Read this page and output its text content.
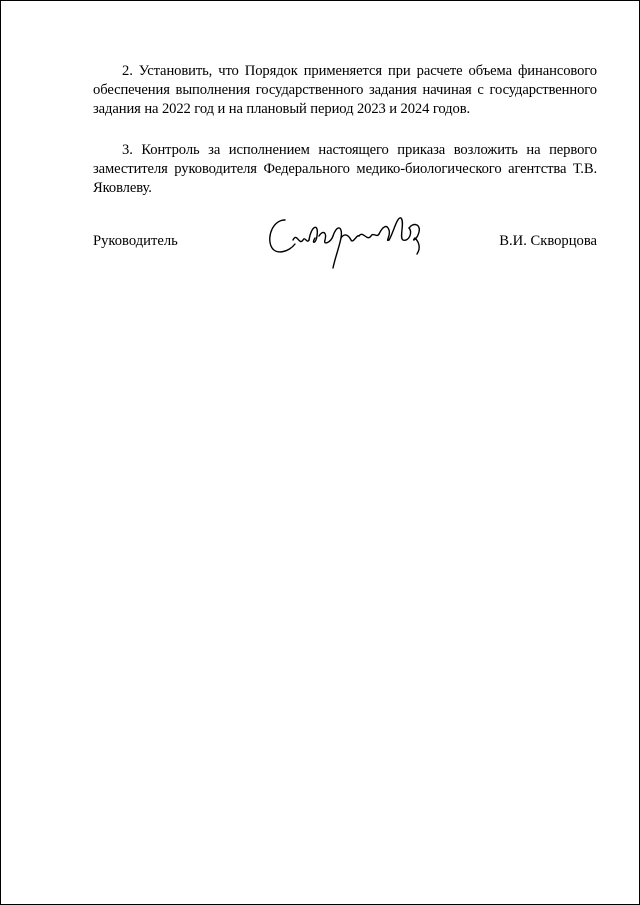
2. Установить, что Порядок применяется при расчете объема финансового обеспечения выполнения государственного задания начиная с государственного задания на 2022 год и на плановый период 2023 и 2024 годов.

3. Контроль за исполнением настоящего приказа возложить на первого заместителя руководителя Федерального медико-биологического агентства Т.В. Яковлеву.

Руководитель	В.И. Скворцова
